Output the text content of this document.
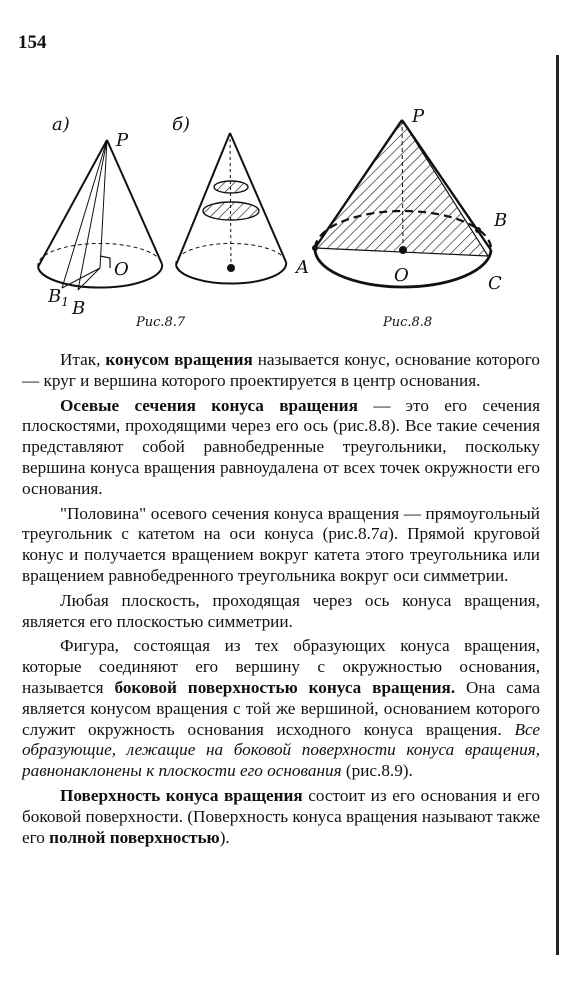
154
а)
P
O
$B_1$ B
б)
Рис.8.7
P
B
A	O	C
Рис.8.8

Итак, конусом вращения называется конус, основание которого — круг и вершина которого проектируется в центр основания.

Осевые сечения конуса вращения — это его сечения плоскостями, проходящими через его ось (рис.8.8). Все такие сечения представляют собой равнобедренные треугольники, поскольку вершина конуса вращения равноудалена от всех точек окружности его основания.

"Половина" осевого сечения конуса вращения — прямоугольный треугольник с катетом на оси конуса (рис.8.7а). Прямой круговой конус и получается вращением вокруг катета этого треугольника или вращением равнобедренного треугольника вокруг оси симметрии.

Любая плоскость, проходящая через ось конуса вращения, является его плоскостью симметрии.

Фигура, состоящая из тех образующих конуса вращения, которые соединяют его вершину с окружностью основания, называется боковой поверхностью конуса вращения. Она сама является конусом вращения с той же вершиной, основанием которого служит окружность основания исходного конуса вращения. Все образующие, лежащие на боковой поверхности конуса вращения, равнонаклонены к плоскости его основания (рис.8.9).

Поверхность конуса вращения состоит из его основания и его боковой поверхности. (Поверхность конуса вращения называют также его полной поверхностью).
